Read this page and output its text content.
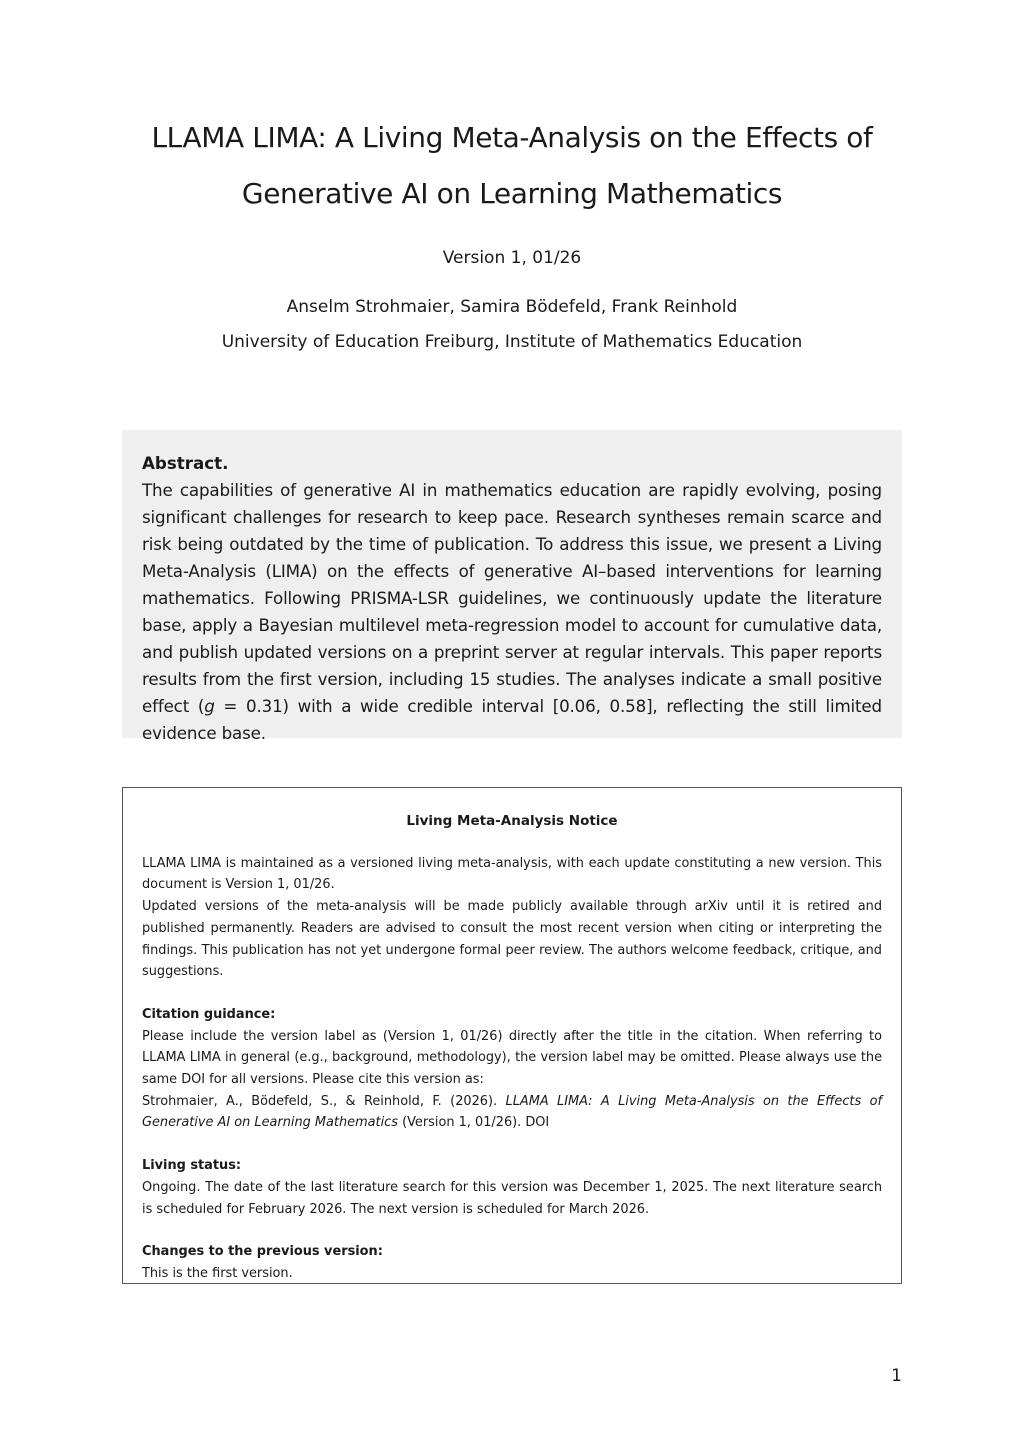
LLAMA LIMA: A Living Meta-Analysis on the Effects of
Generative AI on Learning Mathematics
Version 1, 01/26
Anselm Strohmaier, Samira Bödefeld, Frank Reinhold
University of Education Freiburg, Institute of Mathematics Education
Abstract.

The capabilities of generative AI in mathematics education are rapidly evolving, posing significant challenges for research to keep pace. Research syntheses remain scarce and risk being outdated by the time of publication. To address this issue, we present a Living Meta-Analysis (LIMA) on the effects of generative AI–based interventions for learning mathematics. Following PRISMA-LSR guidelines, we continuously update the literature base, apply a Bayesian multilevel meta-regression model to account for cumulative data, and publish updated versions on a preprint server at regular intervals. This paper reports results from the first version, including 15 studies. The analyses indicate a small positive effect (g = 0.31) with a wide credible interval [0.06, 0.58], reflecting the still limited evidence base.

Living Meta-Analysis Notice

LLAMA LIMA is maintained as a versioned living meta-analysis, with each update constituting a new version. This document is Version 1, 01/26.

Updated versions of the meta-analysis will be made publicly available through arXiv until it is retired and published permanently. Readers are advised to consult the most recent version when citing or interpreting the findings. This publication has not yet undergone formal peer review. The authors welcome feedback, critique, and suggestions.

Citation guidance:

Please include the version label as (Version 1, 01/26) directly after the title in the citation. When referring to LLAMA LIMA in general (e.g., background, methodology), the version label may be omitted. Please always use the same DOI for all versions. Please cite this version as:

Strohmaier, A., Bödefeld, S., & Reinhold, F. (2026). LLAMA LIMA: A Living Meta-Analysis on the Effects of Generative AI on Learning Mathematics (Version 1, 01/26). DOI

Living status:

Ongoing. The date of the last literature search for this version was December 1, 2025. The next literature search is scheduled for February 2026. The next version is scheduled for March 2026.

Changes to the previous version:

This is the first version.

1
